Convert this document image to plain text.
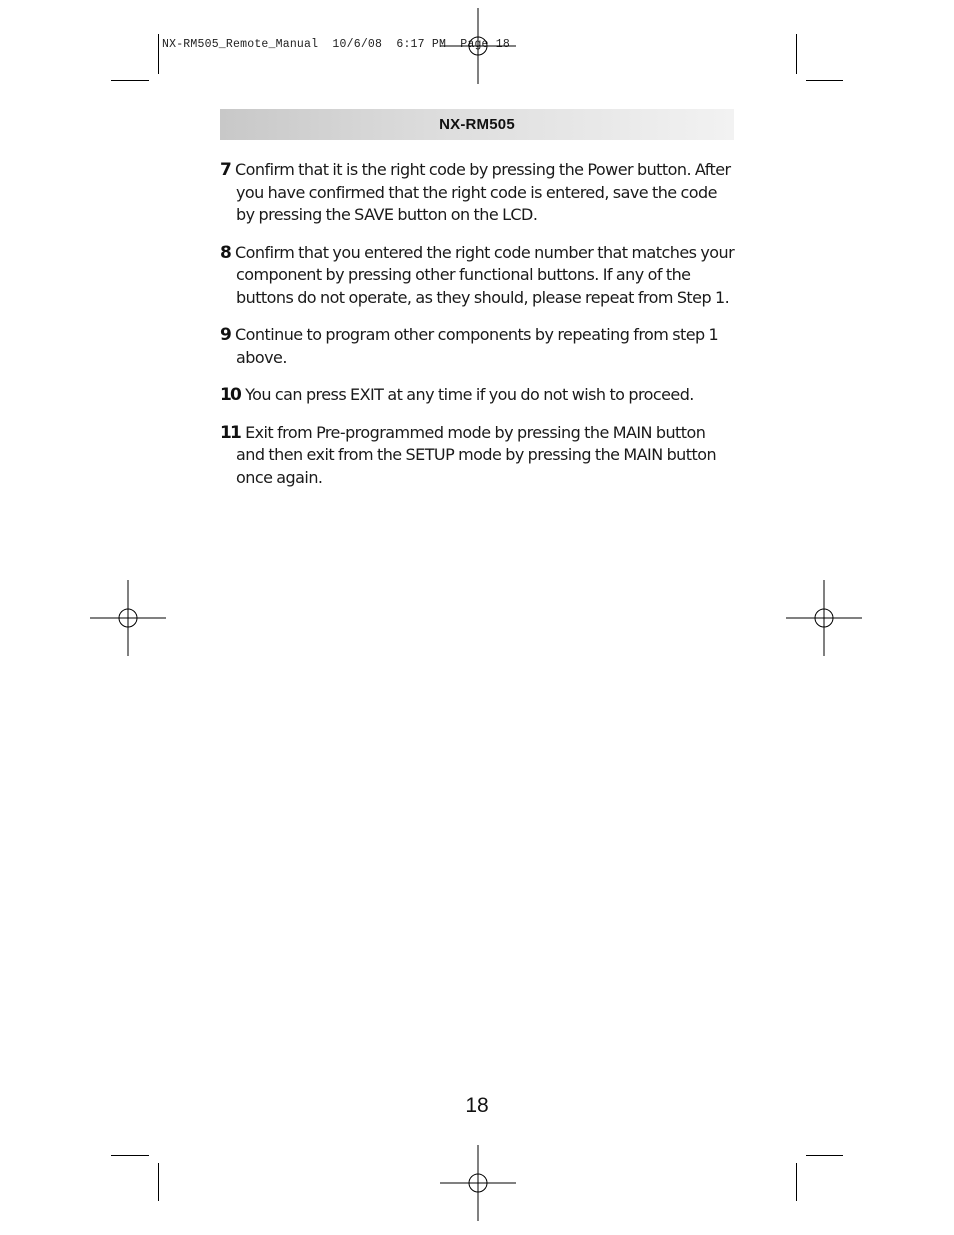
NX-RM505_Remote_Manual  10/6/08  6:17 PM  Page 18
NX-RM505
7 Confirm that it is the right code by pressing the Power button. After you have confirmed that the right code is entered, save the code by pressing the SAVE button on the LCD.
8 Confirm that you entered the right code number that matches your component by pressing other functional buttons. If any of the buttons do not operate, as they should, please repeat from Step 1.
9 Continue to program other components by repeating from step 1 above.
10 You can press EXIT at any time if you do not wish to proceed.
11 Exit from Pre-programmed mode by pressing the MAIN button and then exit from the SETUP mode by pressing the MAIN button once again.
18
